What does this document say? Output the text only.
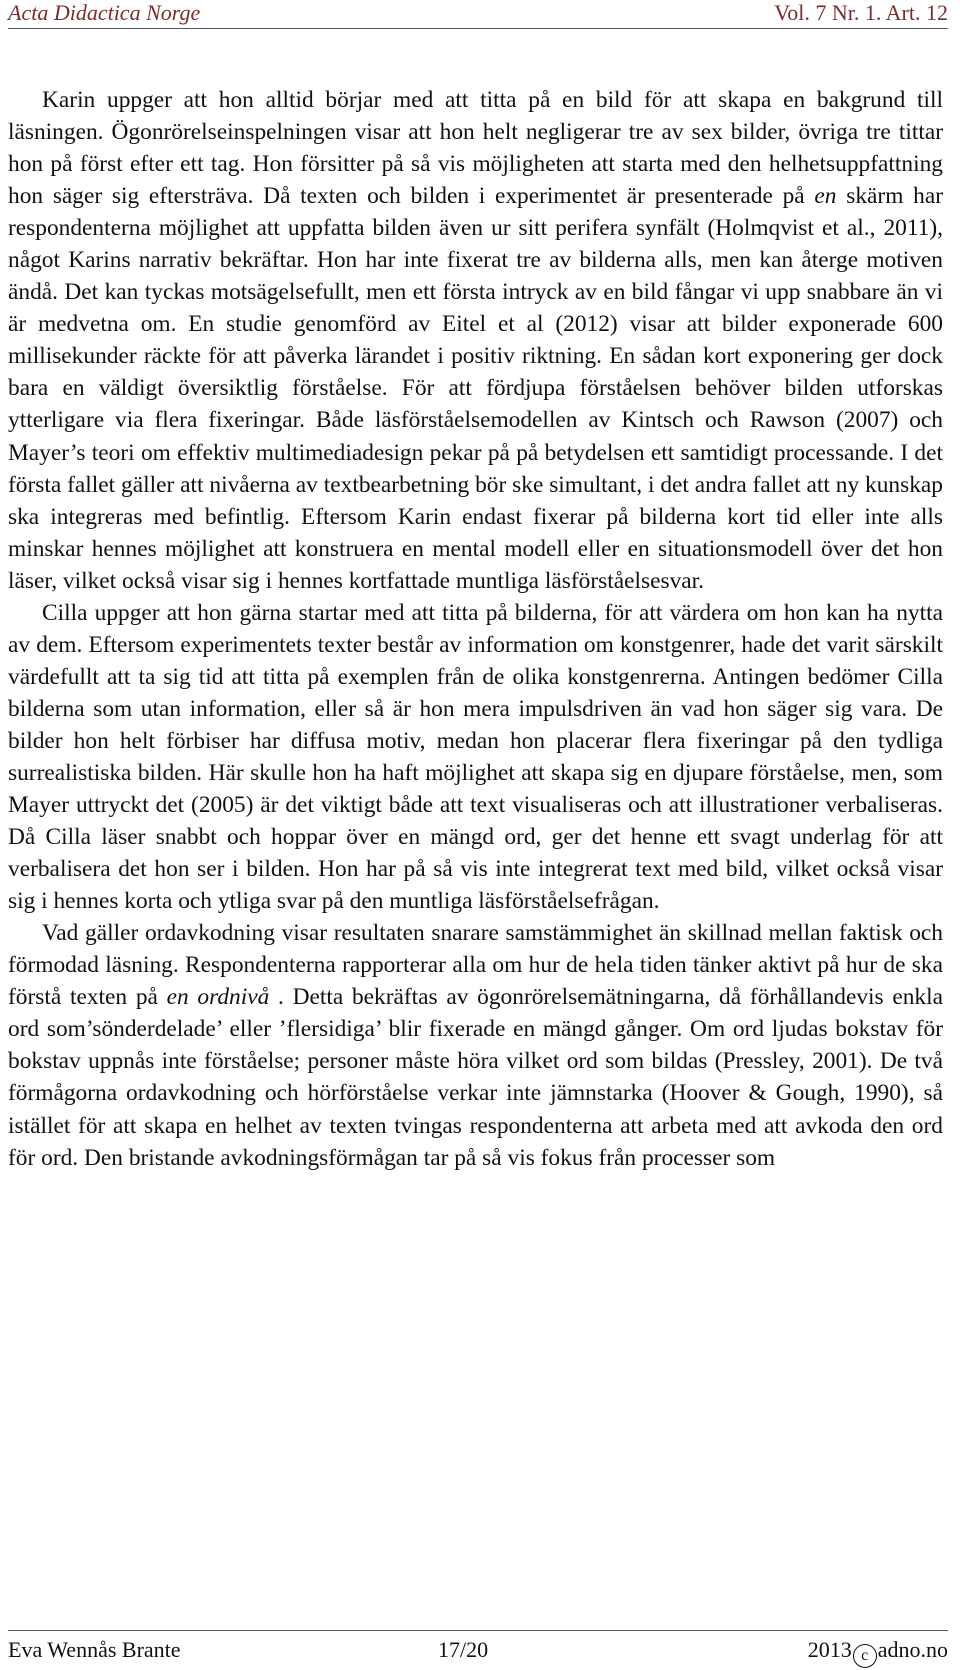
Acta Didactica Norge	Vol. 7 Nr. 1. Art. 12

Karin uppger att hon alltid börjar med att titta på en bild för att skapa en bakgrund till läsningen. Ögonrörelseinspelningen visar att hon helt negligerar tre av sex bilder, övriga tre tittar hon på först efter ett tag. Hon försitter på så vis möjligheten att starta med den helhetsuppfattning hon säger sig eftersträva. Då texten och bilden i experimentet är presenterade på en skärm har respondenterna möjlighet att uppfatta bilden även ur sitt perifera synfält (Holmqvist et al., 2011), något Karins narrativ bekräftar. Hon har inte fixerat tre av bilderna alls, men kan återge motiven ändå. Det kan tyckas motsägelsefullt, men ett första intryck av en bild fångar vi upp snabbare än vi är medvetna om. En studie genomförd av Eitel et al (2012) visar att bilder exponerade 600 millisekunder räckte för att påverka lärandet i positiv riktning. En sådan kort exponering ger dock bara en väldigt översiktlig förståelse. För att fördjupa förståelsen behöver bilden utforskas ytterligare via flera fixeringar. Både läsförståelsemodellen av Kintsch och Rawson (2007) och Mayer’s teori om effektiv multimediadesign pekar på på betydelsen ett samtidigt processande. I det första fallet gäller att nivåerna av textbearbetning bör ske simultant, i det andra fallet att ny kunskap ska integreras med befintlig. Eftersom Karin endast fixerar på bilderna kort tid eller inte alls minskar hennes möjlighet att konstruera en mental modell eller en situationsmodell över det hon läser, vilket också visar sig i hennes kortfattade muntliga läsförståelsesvar.

Cilla uppger att hon gärna startar med att titta på bilderna, för att värdera om hon kan ha nytta av dem. Eftersom experimentets texter består av information om konstgenrer, hade det varit särskilt värdefullt att ta sig tid att titta på exemplen från de olika konstgenrerna. Antingen bedömer Cilla bilderna som utan information, eller så är hon mera impulsdriven än vad hon säger sig vara. De bilder hon helt förbiser har diffusa motiv, medan hon placerar flera fixeringar på den tydliga surrealistiska bilden. Här skulle hon ha haft möjlighet att skapa sig en djupare förståelse, men, som Mayer uttryckt det (2005) är det viktigt både att text visualiseras och att illustrationer verbaliseras. Då Cilla läser snabbt och hoppar över en mängd ord, ger det henne ett svagt underlag för att verbalisera det hon ser i bilden. Hon har på så vis inte integrerat text med bild, vilket också visar sig i hennes korta och ytliga svar på den muntliga läsförståelsefrågan.

Vad gäller ordavkodning visar resultaten snarare samstämmighet än skillnad mellan faktisk och förmodad läsning. Respondenterna rapporterar alla om hur de hela tiden tänker aktivt på hur de ska förstå texten på en ordnivå . Detta bekräftas av ögonrörelsemätningarna, då förhållandevis enkla ord som’sönderdelade’ eller ’flersidiga’ blir fixerade en mängd gånger. Om ord ljudas bokstav för bokstav uppnås inte förståelse; personer måste höra vilket ord som bildas (Pressley, 2001). De två förmågorna ordavkodning och hörförståelse verkar inte jämnstarka (Hoover & Gough, 1990), så istället för att skapa en helhet av texten tvingas respondenterna att arbeta med att avkoda den ord för ord. Den bristande avkodningsförmågan tar på så vis fokus från processer som

Eva Wennås Brante	17/20	2013 c adno.no
